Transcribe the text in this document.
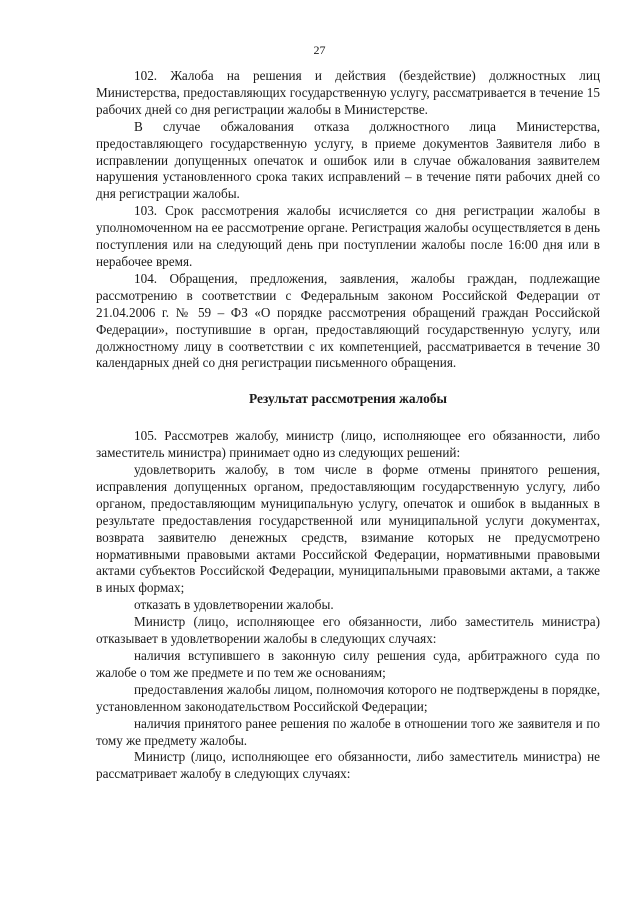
27

102. Жалоба на решения и действия (бездействие) должностных лиц Министерства, предоставляющих государственную услугу, рассматривается в течение 15 рабочих дней со дня регистрации жалобы в Министерстве.

В случае обжалования отказа должностного лица Министерства, предоставляющего государственную услугу, в приеме документов Заявителя либо в исправлении допущенных опечаток и ошибок или в случае обжалования заявителем нарушения установленного срока таких исправлений – в течение пяти рабочих дней со дня регистрации жалобы.

103. Срок рассмотрения жалобы исчисляется со дня регистрации жалобы в уполномоченном на ее рассмотрение органе. Регистрация жалобы осуществляется в день поступления или на следующий день при поступлении жалобы после 16:00 дня или в нерабочее время.

104. Обращения, предложения, заявления, жалобы граждан, подлежащие рассмотрению в соответствии с Федеральным законом Российской Федерации от 21.04.2006 г. № 59 – ФЗ «О порядке рассмотрения обращений граждан Российской Федерации», поступившие в орган, предоставляющий государственную услугу, или должностному лицу в соответствии с их компетенцией, рассматривается в течение 30 календарных дней со дня регистрации письменного обращения.

Результат рассмотрения жалобы

105. Рассмотрев жалобу, министр (лицо, исполняющее его обязанности, либо заместитель министра) принимает одно из следующих решений:

удовлетворить жалобу, в том числе в форме отмены принятого решения, исправления допущенных органом, предоставляющим государственную услугу, либо органом, предоставляющим муниципальную услугу, опечаток и ошибок в выданных в результате предоставления государственной или муниципальной услуги документах, возврата заявителю денежных средств, взимание которых не предусмотрено нормативными правовыми актами Российской Федерации, нормативными правовыми актами субъектов Российской Федерации, муниципальными правовыми актами, а также в иных формах;

отказать в удовлетворении жалобы.

Министр (лицо, исполняющее его обязанности, либо заместитель министра) отказывает в удовлетворении жалобы в следующих случаях:

наличия вступившего в законную силу решения суда, арбитражного суда по жалобе о том же предмете и по тем же основаниям;

предоставления жалобы лицом, полномочия которого не подтверждены в порядке, установленном законодательством Российской Федерации;

наличия принятого ранее решения по жалобе в отношении того же заявителя и по тому же предмету жалобы.

Министр (лицо, исполняющее его обязанности, либо заместитель министра) не рассматривает жалобу в следующих случаях:
